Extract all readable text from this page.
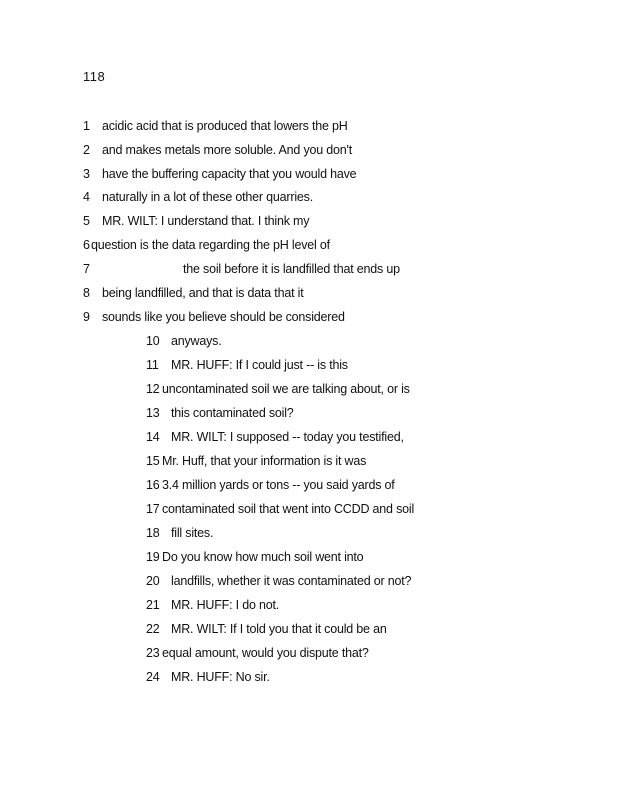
118
1 acidic acid that is produced that lowers the pH
2 and makes metals more soluble. And you don't
3 have the buffering capacity that you would have
4 naturally in a lot of these other quarries.
5 MR. WILT: I understand that. I think my
6question is the data regarding the pH level of
7	the soil before it is landfilled that ends up
8 being landfilled, and that is data that it
9 sounds like you believe should be considered
10 anyways.
11 MR. HUFF: If I could just -- is this
12 uncontaminated soil we are talking about, or is
13 this contaminated soil?
14 MR. WILT: I supposed -- today you testified,
15 Mr. Huff, that your information is it was
16 3.4 million yards or tons -- you said yards of
17 contaminated soil that went into CCDD and soil
18 fill sites.
19 Do you know how much soil went into
20 landfills, whether it was contaminated or not?
21 MR. HUFF: I do not.
22 MR. WILT: If I told you that it could be an
23 equal amount, would you dispute that?
24 MR. HUFF: No sir.
